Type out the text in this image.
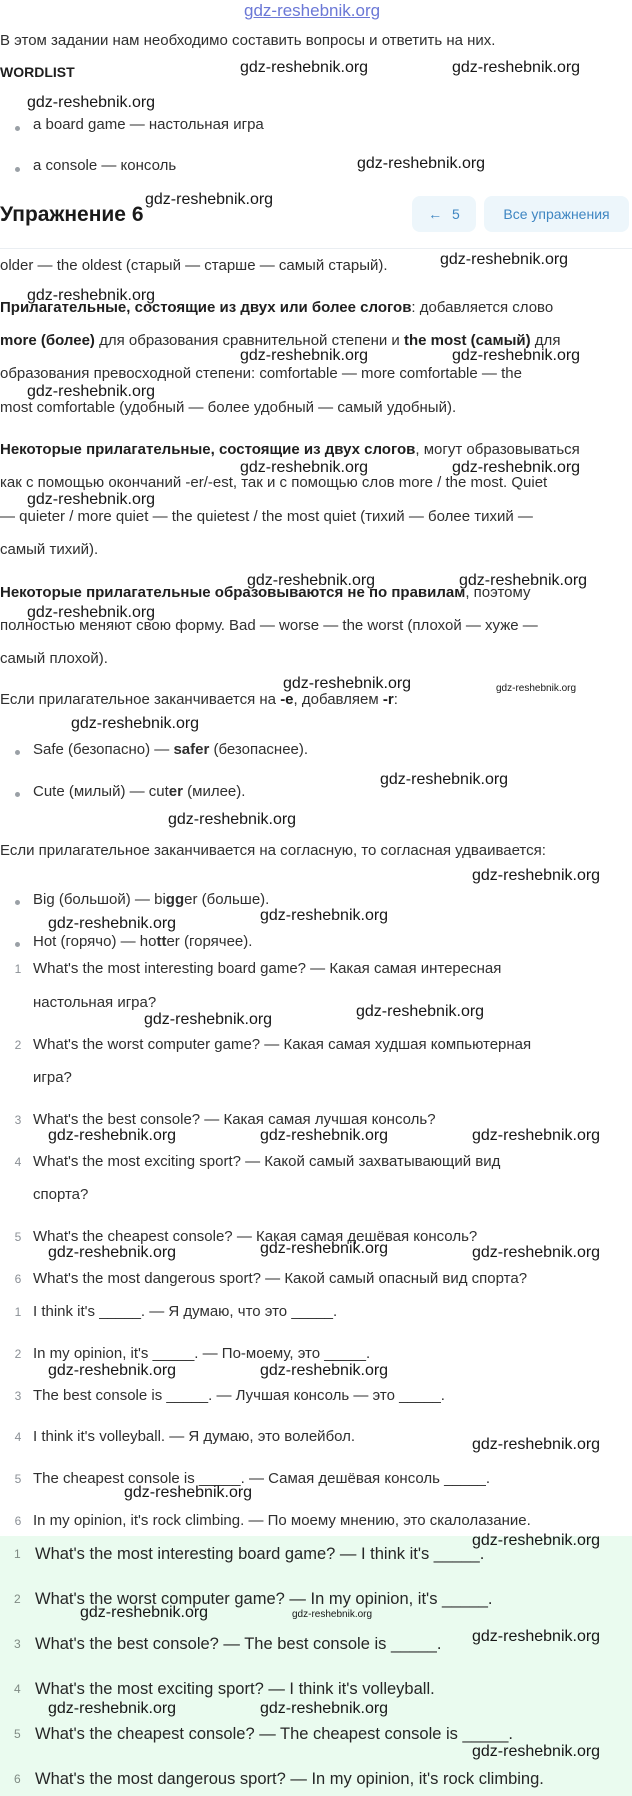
gdz-reshebnik.org
В этом задании нам необходимо составить вопросы и ответить на них.
WORDLIST
a board game — настольная игра
a console — консоль
Упражнение 6	← 5	Все упражнения
older — the oldest (старый — старше — самый старый).
Прилагательные, состоящие из двух или более слогов: добавляется слово
more (более) для образования сравнительной степени и the most (самый) для
образования превосходной степени: comfortable — more comfortable — the
most comfortable (удобный — более удобный — самый удобный).
Некоторые прилагательные, состоящие из двух слогов, могут образовываться
как с помощью окончаний -er/-est, так и с помощью слов more / the most. Quiet
— quieter / more quiet — the quietest / the most quiet (тихий — более тихий —
самый тихий).
Некоторые прилагательные образовываются не по правилам, поэтому
полностью меняют свою форму. Bad — worse — the worst (плохой — хуже —
самый плохой).
Если прилагательное заканчивается на -е, добавляем -r:
Safe (безопасно) — safer (безопаснее).
Cute (милый) — cuter (милее).
Если прилагательное заканчивается на согласную, то согласная удваивается:
Big (большой) — bigger (больше).
Hot (горячо) — hotter (горячее).
1 What's the most interesting board game? — Какая самая интересная
настольная игра?
2 What's the worst computer game? — Какая самая худшая компьютерная
игра?
3 What's the best console? — Какая самая лучшая консоль?
4 What's the most exciting sport? — Какой самый захватывающий вид
спорта?
5 What's the cheapest console? — Какая самая дешёвая консоль?
6 What's the most dangerous sport? — Какой самый опасный вид спорта?
1 I think it's _____. — Я думаю, что это _____.
2 In my opinion, it's _____. — По-моему, это _____.
3 The best console is _____. — Лучшая консоль — это _____.
4 I think it's volleyball. — Я думаю, это волейбол.
5 The cheapest console is _____. — Самая дешёвая консоль _____.
6 In my opinion, it's rock climbing. — По моему мнению, это скалолазание.
1 What's the most interesting board game? — I think it's _____.
2 What's the worst computer game? — In my opinion, it's _____.
3 What's the best console? — The best console is _____.
4 What's the most exciting sport? — I think it's volleyball.
5 What's the cheapest console? — The cheapest console is _____.
6 What's the most dangerous sport? — In my opinion, it's rock climbing.
gdz-reshebnik.org	gdz-reshebnik.org
gdz-reshebnik.org
gdz-reshebnik.org
gdz-reshebnik.org
gdz-reshebnik.org
gdz-reshebnik.org
gdz-reshebnik.org	gdz-reshebnik.org
gdz-reshebnik.org
gdz-reshebnik.org	gdz-reshebnik.org
gdz-reshebnik.org
gdz-reshebnik.org	gdz-reshebnik.org
gdz-reshebnik.org
gdz-reshebnik.org	gdz-reshebnik.org
gdz-reshebnik.org
gdz-reshebnik.org
gdz-reshebnik.org
gdz-reshebnik.org
gdz-reshebnik.org
gdz-reshebnik.org
gdz-reshebnik.org
gdz-reshebnik.org
gdz-reshebnik.org	gdz-reshebnik.org	gdz-reshebnik.org
gdz-reshebnik.org	gdz-reshebnik.org	gdz-reshebnik.org
gdz-reshebnik.org	gdz-reshebnik.org
gdz-reshebnik.org
gdz-reshebnik.org
gdz-reshebnik.org
gdz-reshebnik.org	gdz-reshebnik.org
gdz-reshebnik.org
gdz-reshebnik.org	gdz-reshebnik.org
gdz-reshebnik.org
